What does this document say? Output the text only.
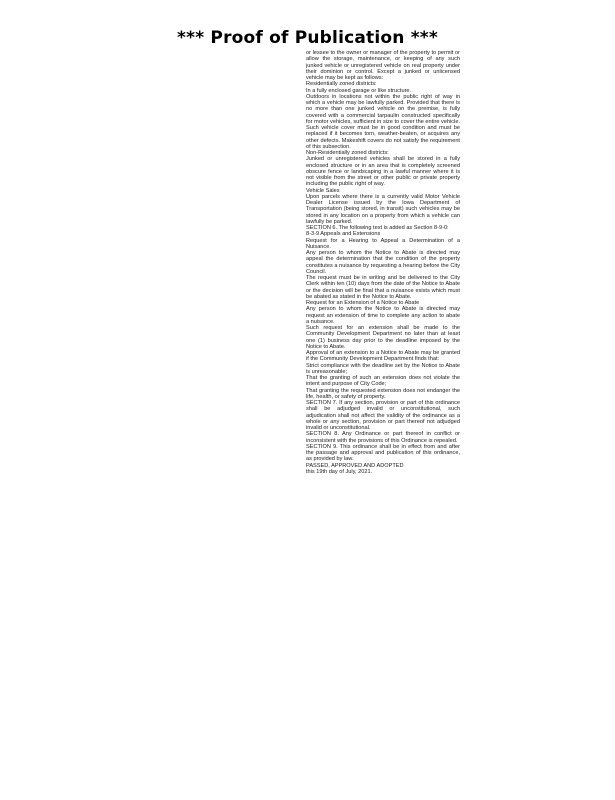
*** Proof of Publication ***

or lessee to the owner or manager of the property to permit or allow the storage, maintenance, or keeping of any such junked vehicle or unregistered vehicle on real property under their dominion or control. Except a junked or unlicensed vehicle may be kept as follows:

Residentially zoned districts:

In a fully enclosed garage or like structure.

Outdoors in locations not within the public right of way in which a vehicle may be lawfully parked. Provided that there is no more than one junked vehicle on the premise, is fully covered with a commercial tarpaulin constructed specifically for motor vehicles, sufficient in size to cover the entire vehicle. Such vehicle cover must be in good condition and must be replaced if it becomes torn, weather-beaten, or acquires any other defects. Makeshift covers do not satisfy the requirement of this subsection.

Non-Residentially zoned districts:

Junked or unregistered vehicles shall be stored in a fully enclosed structure or in an area that is completely screened obscure fence or landscaping in a lawful manner where it is not visible from the street or other public or private property including the public right of way.

Vehicle Sales

Upon parcels where there is a currently valid Motor Vehicle Dealer License issued by the Iowa Department of Transportation (being stored, in transit) such vehicles may be stored in any location on a property from which a vehicle can lawfully be parked.

SECTION 6. The following text is added as Section 8-9-0:

8-3-9 Appeals and Extensions

Request for a Hearing to Appeal a Determination of a Nuisance.

Any person to whom the Notice to Abate is directed may appeal the determination that the condition of the property constitutes a nuisance by requesting a hearing before the City Council.

The request must be in writing and be delivered to the City Clerk within ten (10) days from the date of the Notice to Abate or the decision will be final that a nuisance exists which must be abated as stated in the Notice to Abate.

Request for an Extension of a Notice to Abate

Any person to whom the Notice to Abate is directed may request an extension of time to complete any action to abate a nuisance.

Such request for an extension shall be made to the Community Development Department no later than at least one (1) business day prior to the deadline imposed by the Notice to Abate.

Approval of an extension to a Notice to Abate may be granted if the Community Development Department finds that:

Strict compliance with the deadline set by the Notice to Abate is unreasonable;

That the granting of such an extension does not violate the intent and purpose of City Code;

That granting the requested extension does not endanger the life, health, or safety of property.

SECTION 7. If any section, provision or part of this ordinance shall be adjudged invalid or unconstitutional, such adjudication shall not affect the validity of the ordinance as a whole or any section, provision or part thereof not adjudged invalid or unconstitutional.

SECTION 8. Any Ordinance or part thereof in conflict or inconsistent with the provisions of this Ordinance is repealed.

SECTION 9. This ordinance shall be in effect from and after the passage and approval and publication of this ordinance, as provided by law.

PASSED, APPROVED AND ADOPTED

this 19th day of July, 2021.
